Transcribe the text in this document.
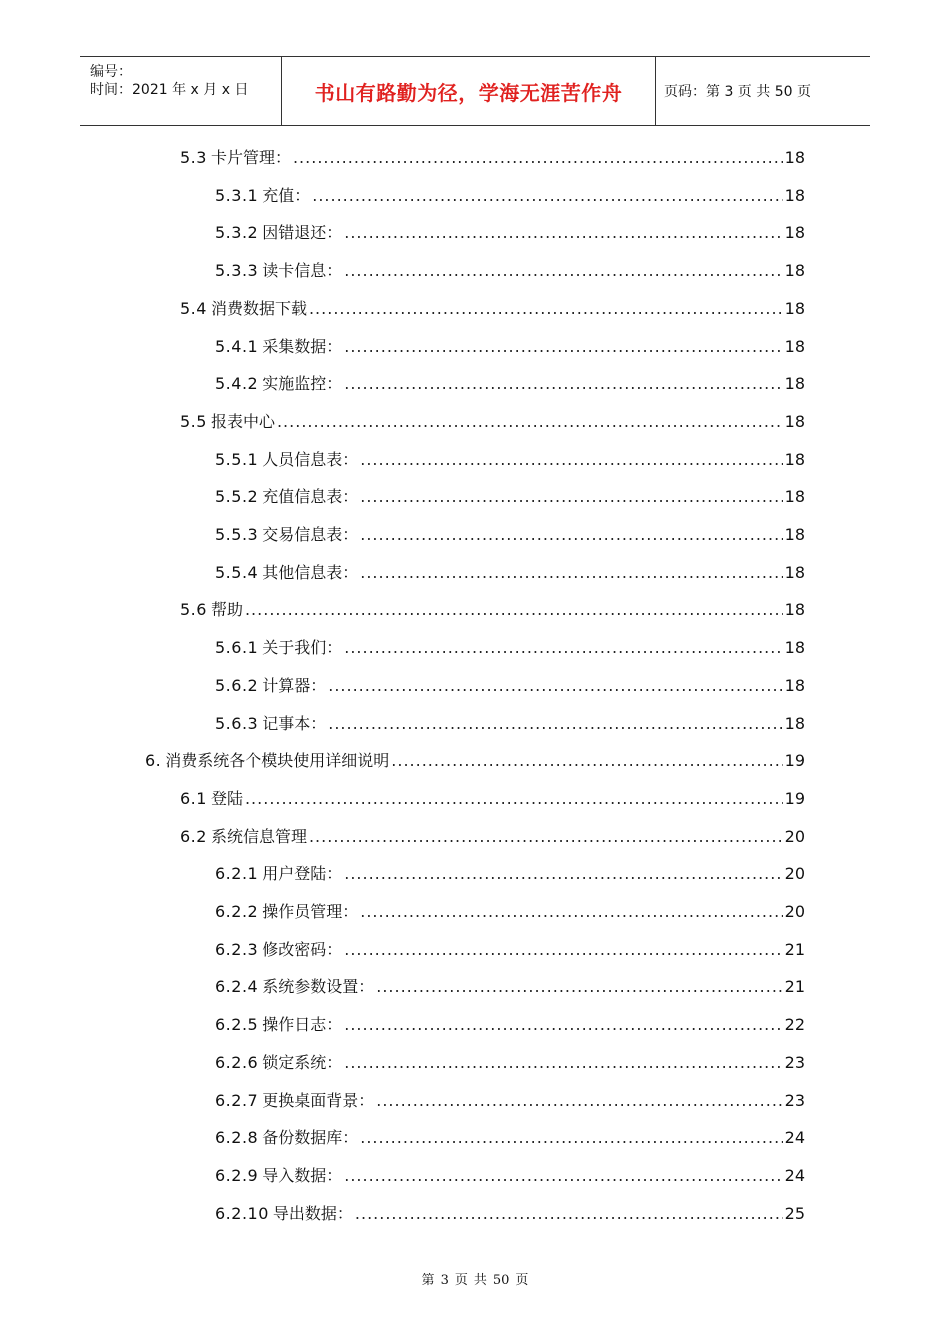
编号：
时间：2021 年 x 月 x 日	书山有路勤为径，学海无涯苦作舟	页码：第 3 页 共 50 页
5.3 卡片管理： .....	18
5.3.1 充值： .....	18
5.3.2 因错退还： .....	18
5.3.3 读卡信息： .....	18
5.4 消费数据下载 .....	18
5.4.1 采集数据： .....	18
5.4.2 实施监控： .....	18
5.5 报表中心 .....	18
5.5.1 人员信息表： .....	18
5.5.2 充值信息表： .....	18
5.5.3 交易信息表： .....	18
5.5.4 其他信息表： .....	18
5.6 帮助 .....	18
5.6.1 关于我们： .....	18
5.6.2 计算器： .....	18
5.6.3 记事本： .....	18
6. 消费系统各个模块使用详细说明 .....	19
6.1 登陆 .....	19
6.2 系统信息管理 .....	20
6.2.1 用户登陆： .....	20
6.2.2 操作员管理： .....	20
6.2.3 修改密码： .....	21
6.2.4 系统参数设置： .....	21
6.2.5 操作日志： .....	22
6.2.6 锁定系统： .....	23
6.2.7 更换桌面背景： .....	23
6.2.8 备份数据库： .....	24
6.2.9 导入数据： .....	24
6.2.10 导出数据： .....	25
第 3 页 共 50 页
